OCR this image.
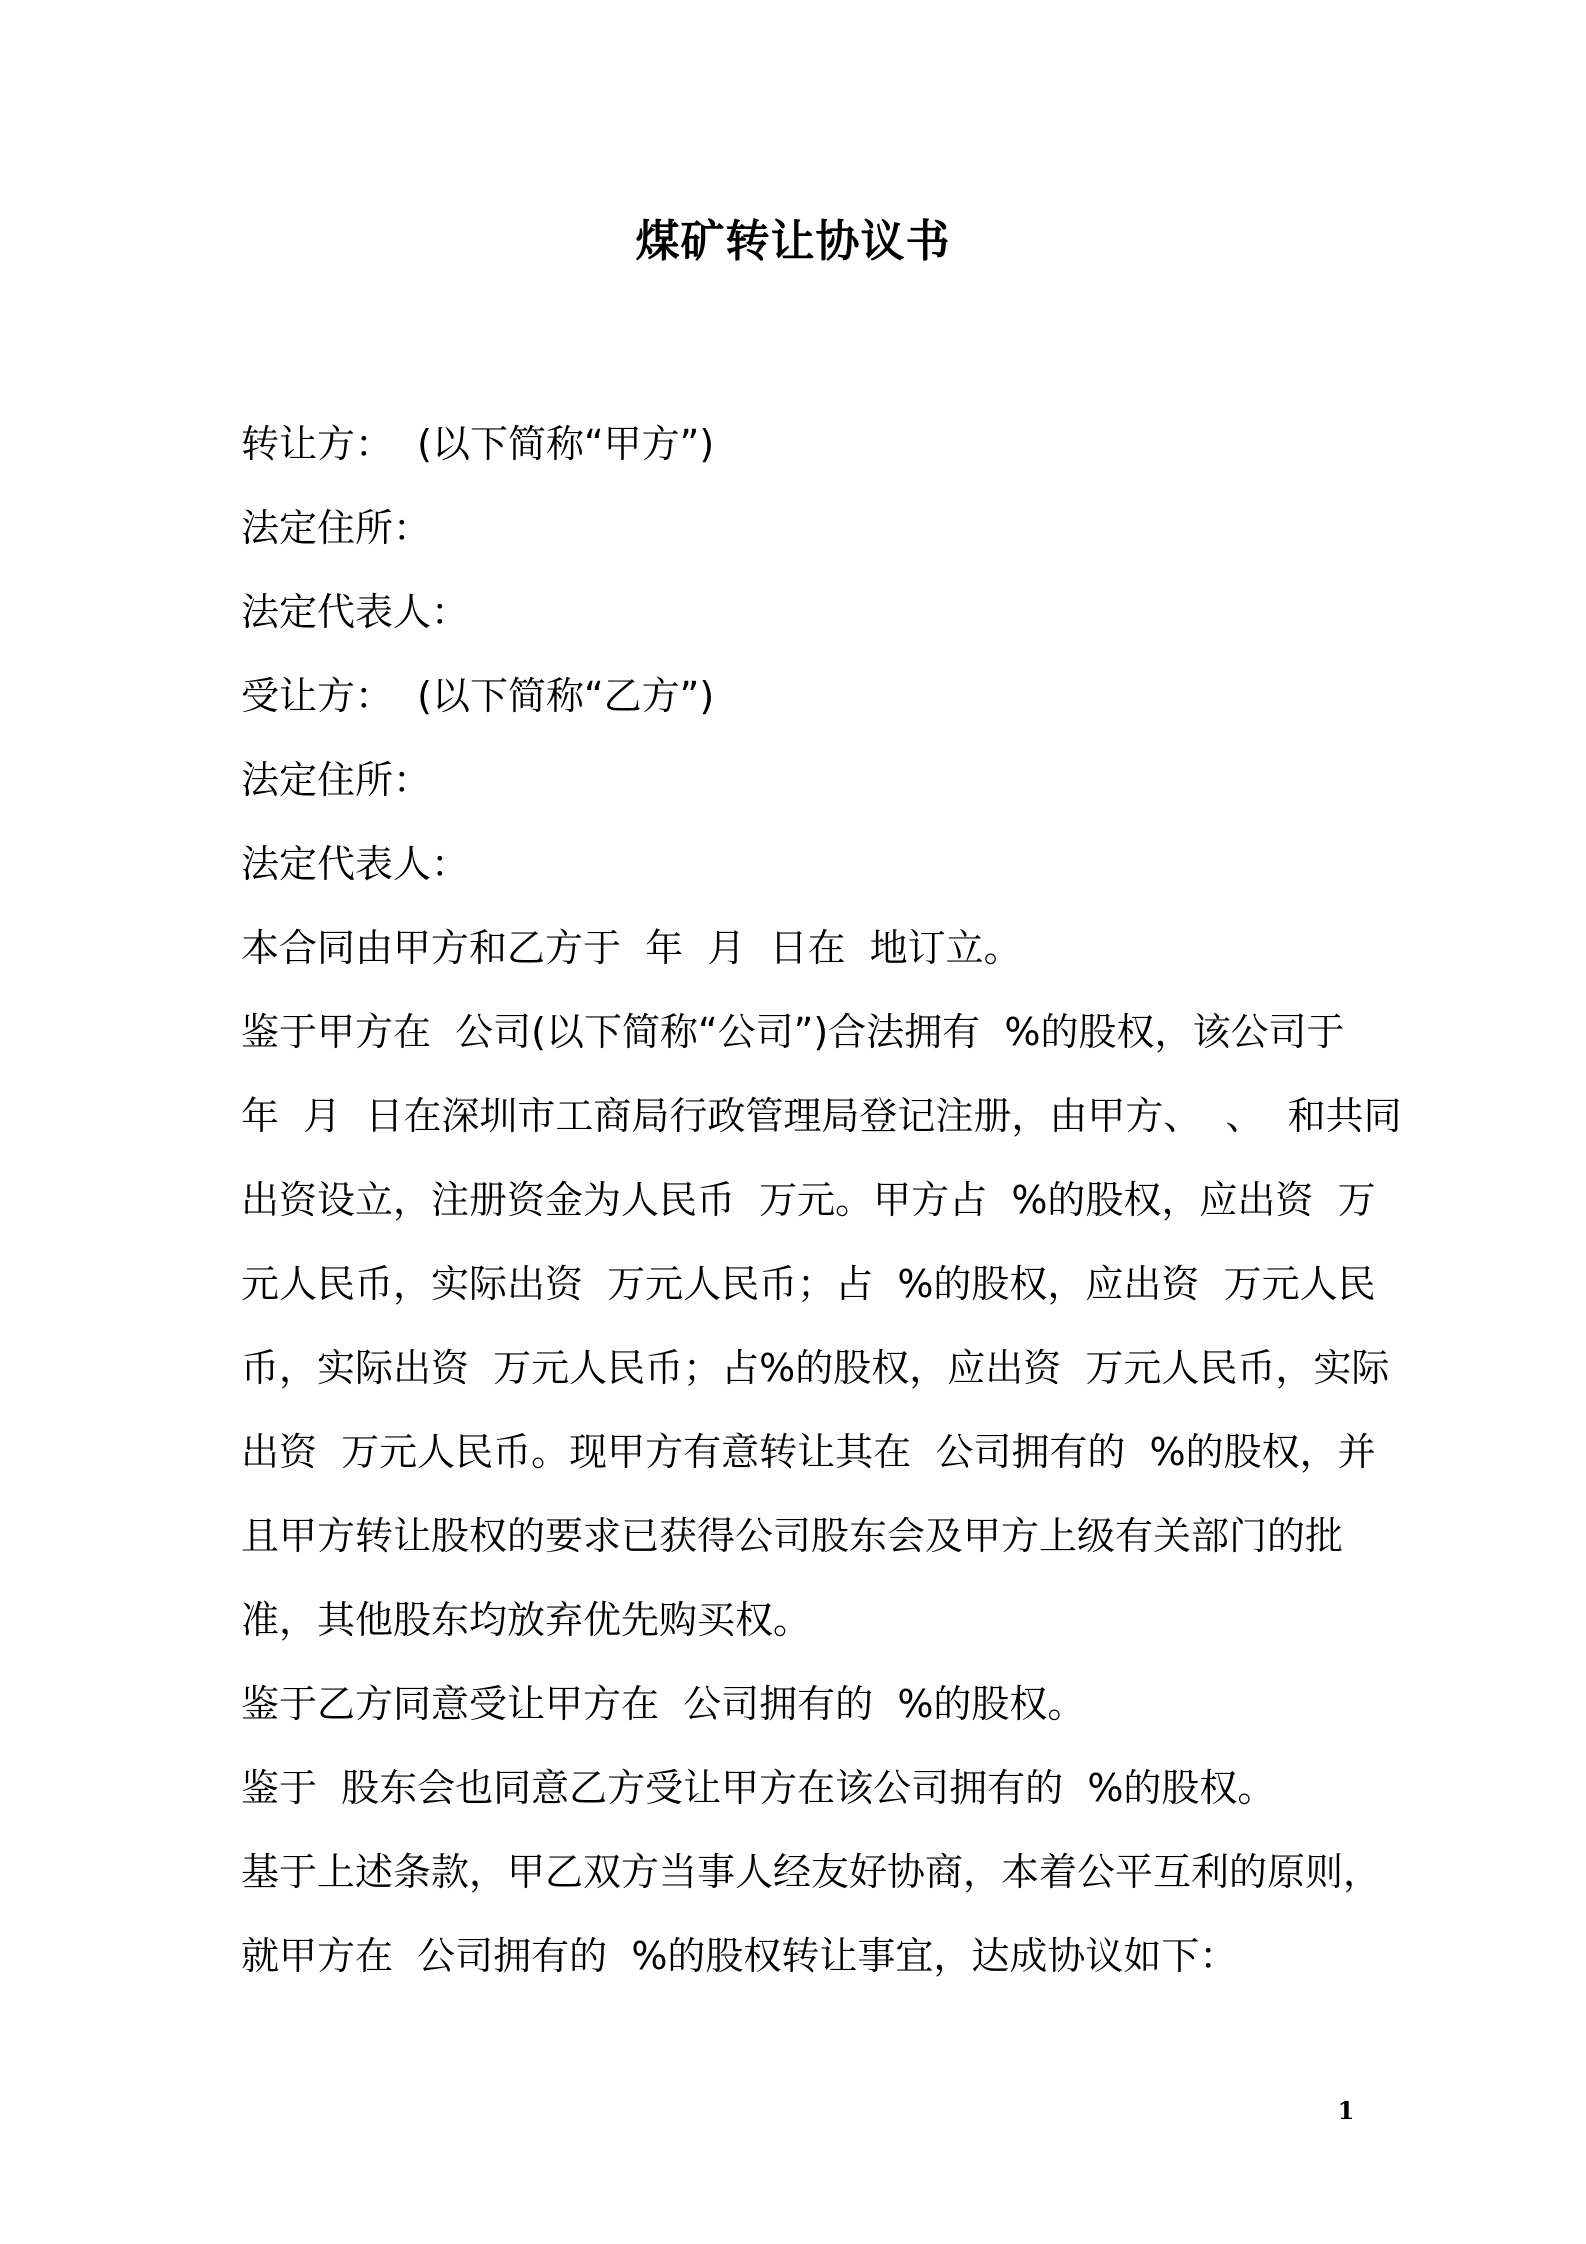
煤矿转让协议书
转让方：  (以下简称“甲方”)
法定住所：
法定代表人：
受让方：  (以下简称“乙方”)
法定住所：
法定代表人：
本合同由甲方和乙方于  年  月  日在  地订立。
鉴于甲方在  公司(以下简称“公司”)合法拥有  %的股权，该公司于
年  月  日在深圳市工商局行政管理局登记注册，由甲方、  、  和共同
出资设立，注册资金为人民币  万元。甲方占  %的股权，应出资  万
元人民币，实际出资  万元人民币；占  %的股权，应出资  万元人民
币，实际出资  万元人民币；占%的股权，应出资  万元人民币，实际
出资  万元人民币。现甲方有意转让其在  公司拥有的  %的股权，并
且甲方转让股权的要求已获得公司股东会及甲方上级有关部门的批
准，其他股东均放弃优先购买权。
鉴于乙方同意受让甲方在  公司拥有的  %的股权。
鉴于  股东会也同意乙方受让甲方在该公司拥有的  %的股权。
基于上述条款，甲乙双方当事人经友好协商，本着公平互利的原则，
就甲方在  公司拥有的  %的股权转让事宜，达成协议如下：
1
